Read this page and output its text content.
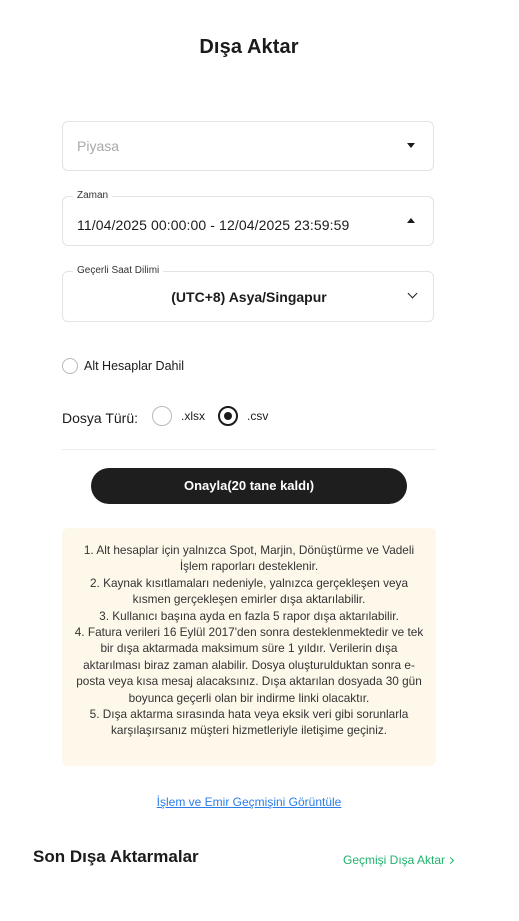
Dışa Aktar
Piyasa
Zaman
11/04/2025 00:00:00 - 12/04/2025 23:59:59
Geçerli Saat Dilimi
(UTC+8) Asya/Singapur
Alt Hesaplar Dahil
Dosya Türü:	.xlsx	.csv
Onayla(20 tane kaldı)

1. Alt hesaplar için yalnızca Spot, Marjin, Dönüştürme ve Vadeli İşlem raporları desteklenir.

2. Kaynak kısıtlamaları nedeniyle, yalnızca gerçekleşen veya kısmen gerçekleşen emirler dışa aktarılabilir.

3. Kullanıcı başına ayda en fazla 5 rapor dışa aktarılabilir.

4. Fatura verileri 16 Eylül 2017'den sonra desteklenmektedir ve tek bir dışa aktarmada maksimum süre 1 yıldır. Verilerin dışa aktarılması biraz zaman alabilir. Dosya oluşturulduktan sonra e-posta veya kısa mesaj alacaksınız. Dışa aktarılan dosyada 30 gün boyunca geçerli olan bir indirme linki olacaktır.

5. Dışa aktarma sırasında hata veya eksik veri gibi sorunlarla karşılaşırsanız müşteri hizmetleriyle iletişime geçiniz.

İşlem ve Emir Geçmişini Görüntüle
Son Dışa Aktarmalar	Geçmişi Dışa Aktar
